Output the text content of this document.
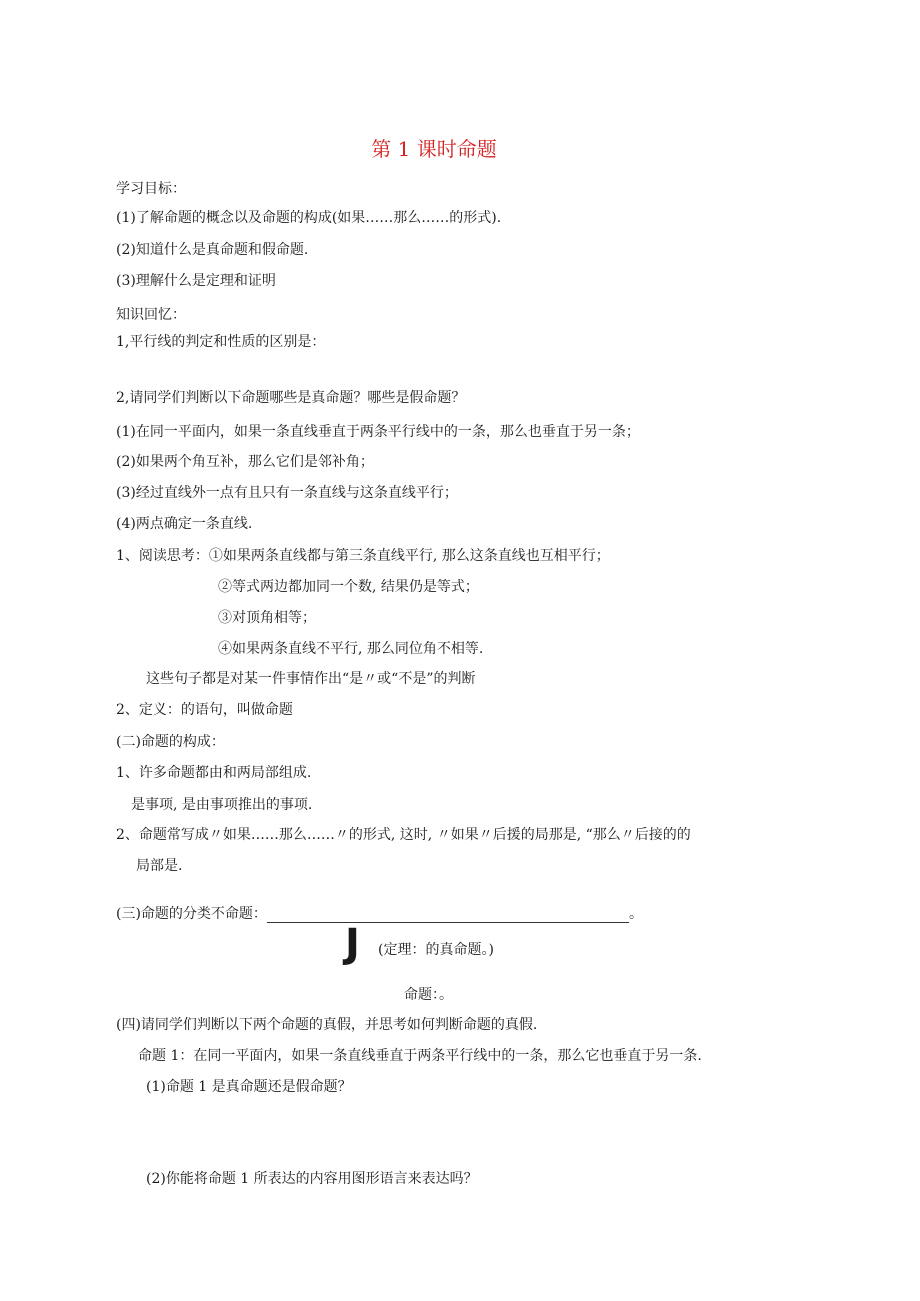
第 1 课时命题
学习目标：
(1)了解命题的概念以及命题的构成(如果……那么……的形式).
(2)知道什么是真命题和假命题.
(3)理解什么是定理和证明
知识回忆：
1,平行线的判定和性质的区别是：
2,请同学们判断以下命题哪些是真命题？哪些是假命题？
(1)在同一平面内，如果一条直线垂直于两条平行线中的一条，那么也垂直于另一条；
(2)如果两个角互补，那么它们是邻补角；
(3)经过直线外一点有且只有一条直线与这条直线平行；
(4)两点确定一条直线.
1、阅读思考：①如果两条直线都与第三条直线平行, 那么这条直线也互相平行；
②等式两边都加同一个数, 结果仍是等式；
③对顶角相等；
④如果两条直线不平行, 那么同位角不相等.
这些句子都是对某一件事情作出“是〃或“不是”的判断
2、定义：的语句，叫做命题
(二)命题的构成：
1、许多命题都由和两局部组成.
是事项, 是由事项推出的事项.
2、命题常写成〃如果……那么……〃的形式, 这时, 〃如果〃后援的局那是, “那么〃后接的的
局部是.
(三)命题的分类不命题：	。
J (定理：的真命题。)
命题：。
(四)请同学们判断以下两个命题的真假，并思考如何判断命题的真假.
命题 1：在同一平面内，如果一条直线垂直于两条平行线中的一条，那么它也垂直于另一条.
(1)命题 1 是真命题还是假命题？
(2)你能将命题 1 所表达的内容用图形语言来表达吗？
